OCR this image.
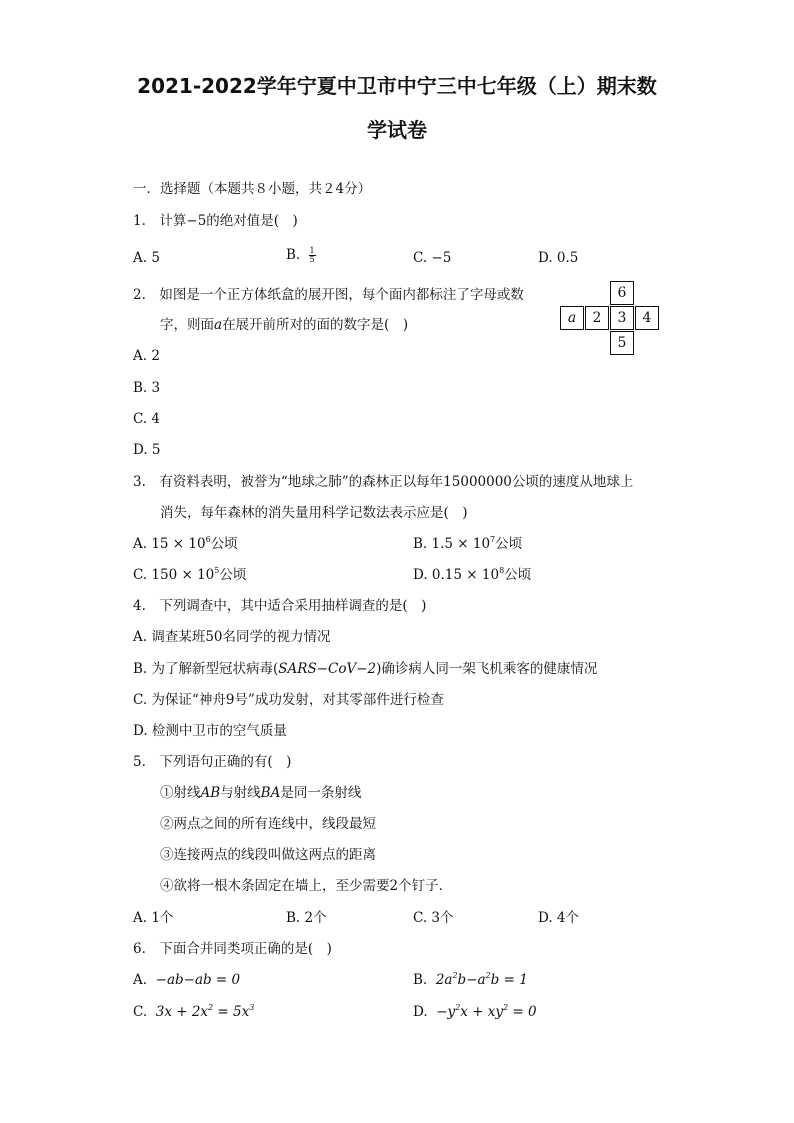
2021-2022学年宁夏中卫市中宁三中七年级（上）期末数
学试卷
一．选择题（本题共８小题，共２4分）
1.　计算−5的绝对值是(　)
A. 5	B. $\frac{1}{5}$	C. −5	D. 0.5
2.　如图是一个正方体纸盒的展开图，每个面内都标注了字母或数
字，则面a在展开前所对的面的数字是(　)
6
a	2	3	4
5
A. 2
B. 3
C. 4
D. 5
3.　有资料表明，被誉为“地球之肺”的森林正以每年15000000公顷的速度从地球上
消失，每年森林的消失量用科学记数法表示应是(　)
A. $15 \times 10^6$公顷	B. $1.5 \times 10^7$公顷
C. $150 \times 10^5$公顷	D. $0.15 \times 10^8$公顷
4.　下列调查中，其中适合采用抽样调查的是(　)
A. 调查某班50名同学的视力情况
B. 为了解新型冠状病毒(SARS−CoV−2)确诊病人同一架飞机乘客的健康情况
C. 为保证“神舟9号”成功发射，对其零部件进行检查
D. 检测中卫市的空气质量
5.　下列语句正确的有(　)
①射线AB与射线BA是同一条射线
②两点之间的所有连线中，线段最短
③连接两点的线段叫做这两点的距离
④欲将一根木条固定在墙上，至少需要2个钉子．
A. 1个	B. 2个	C. 3个	D. 4个
6.　下面合并同类项正确的是(　)
A. −ab−ab = 0	B. $2a^2b-a^2b = 1$
C. $3x + 2x^2 = 5x^3$	D. $-y^2x + xy^2 = 0$
